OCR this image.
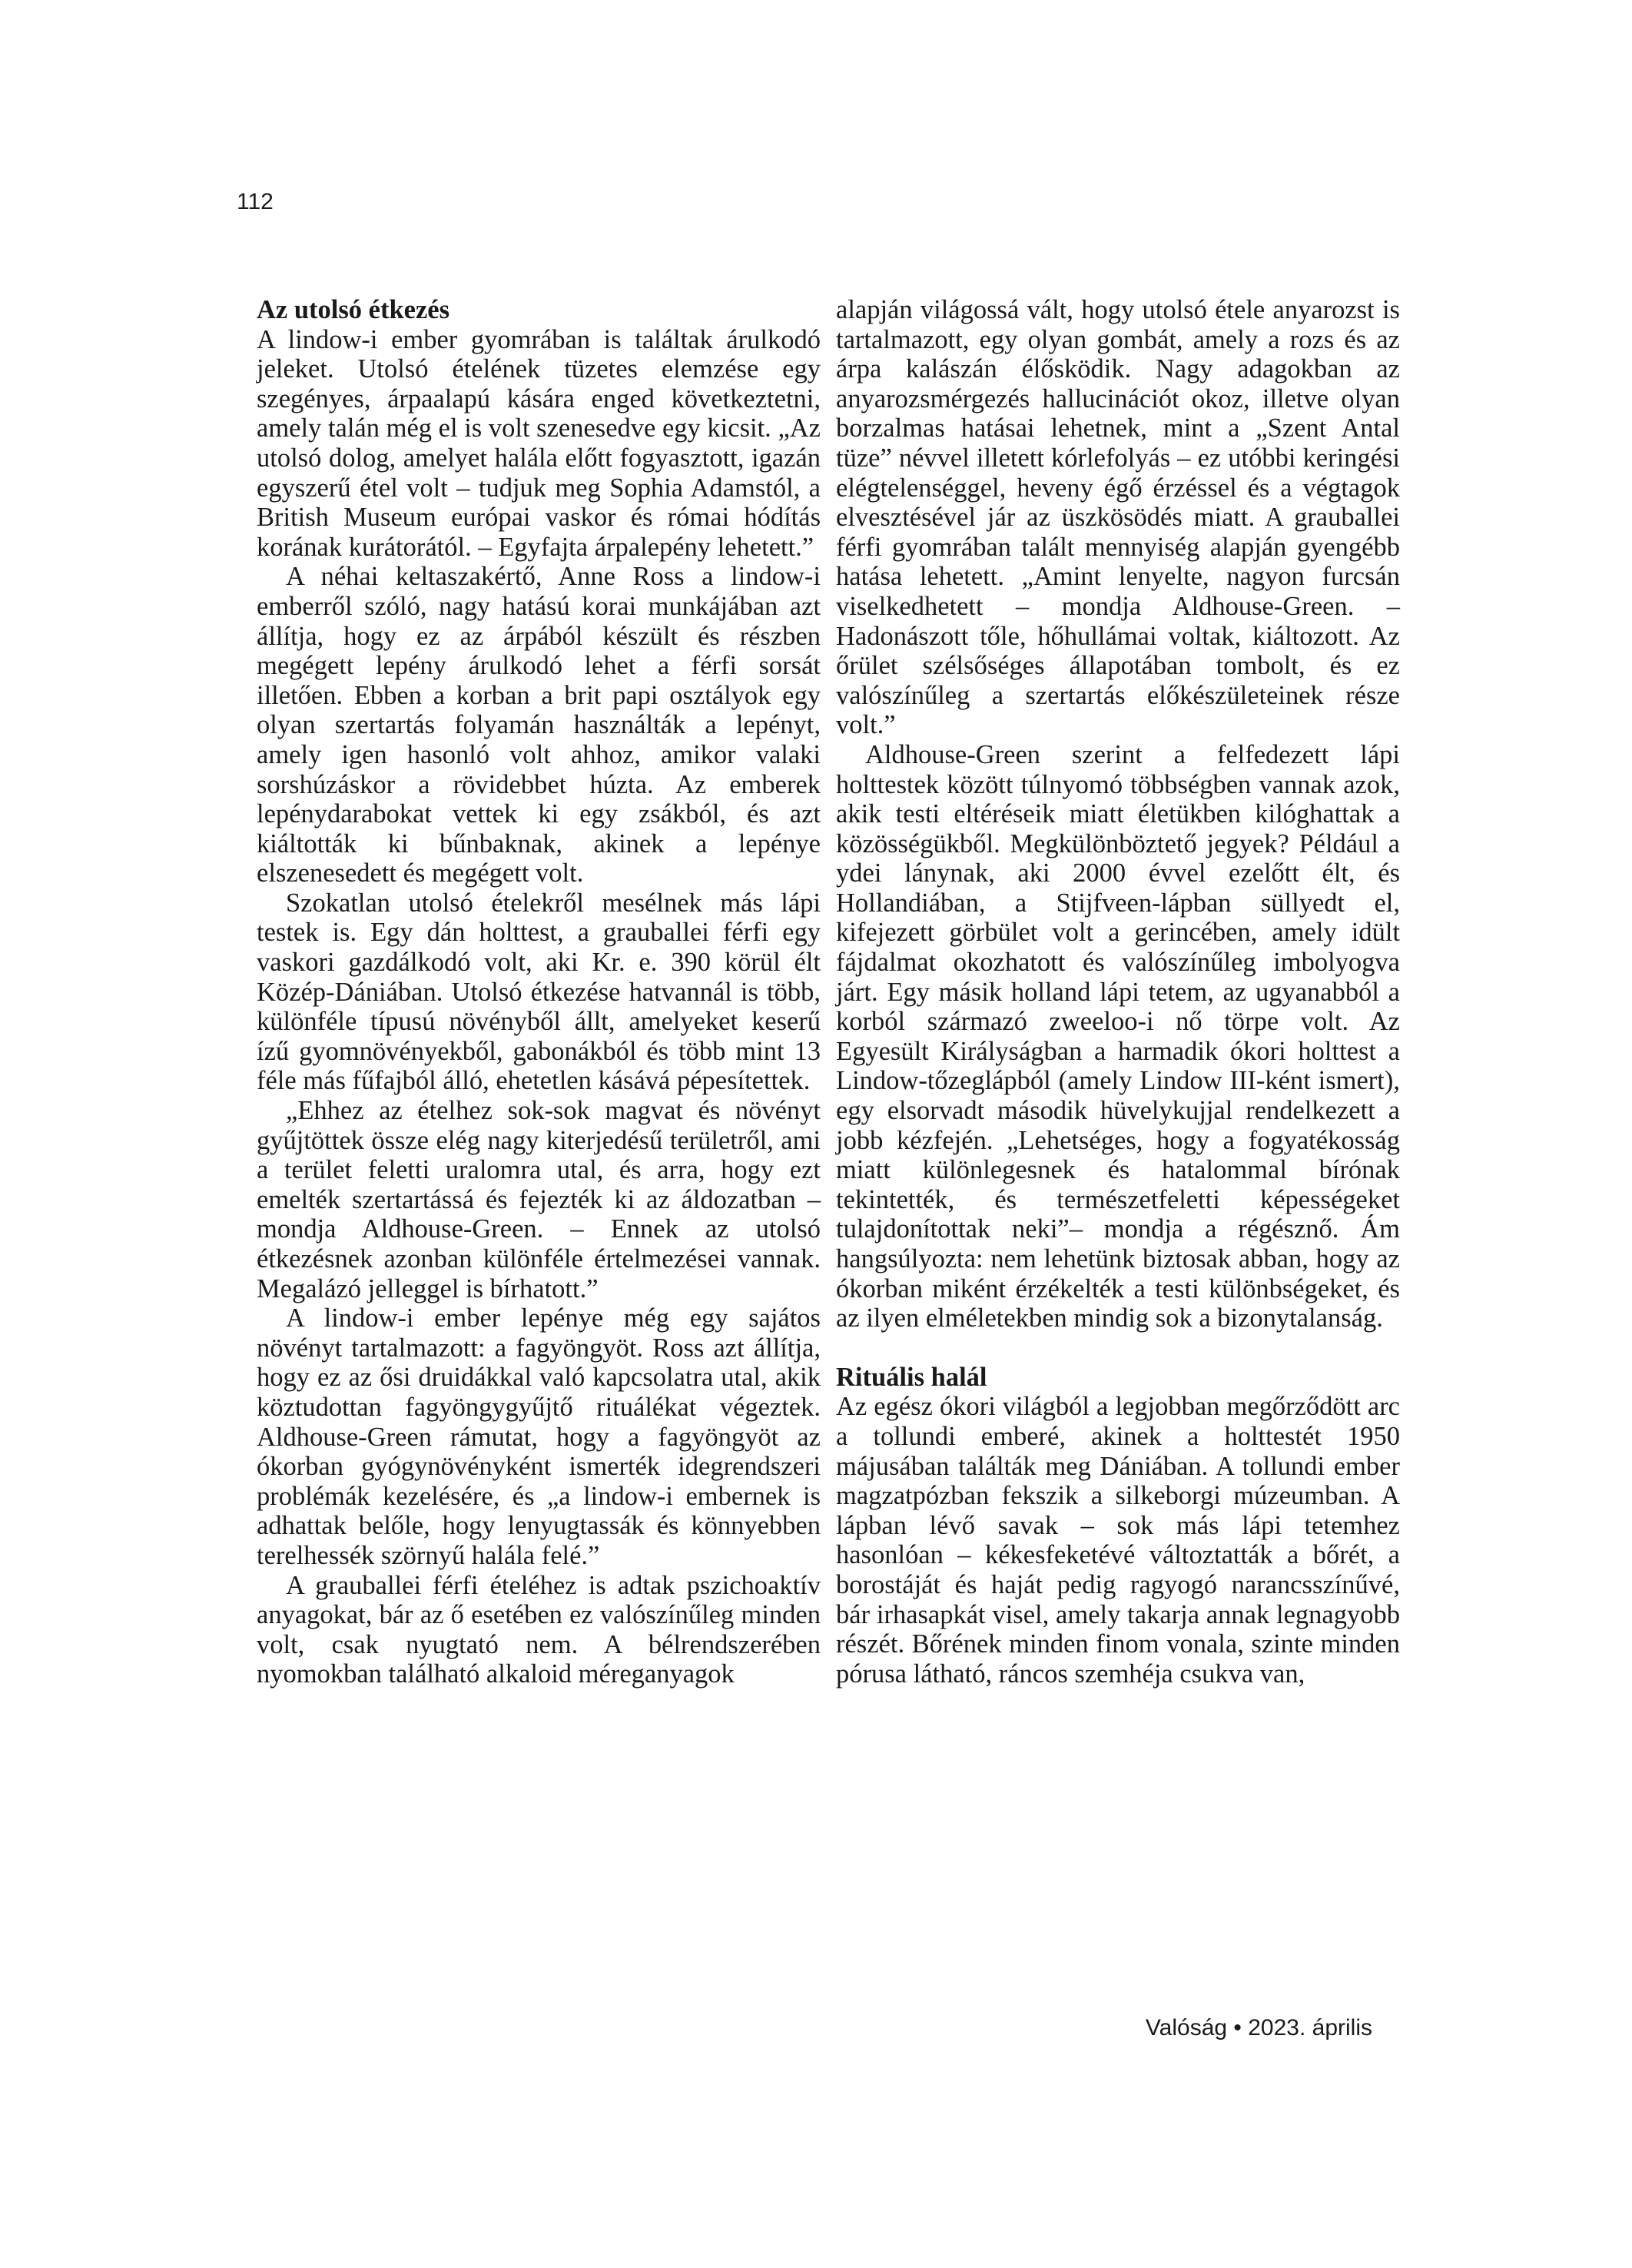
112
Az utolsó étkezés

A lindow-i ember gyomrában is találtak árulkodó jeleket. Utolsó ételének tüzetes elemzése egy szegényes, árpaalapú kására enged következtetni, amely talán még el is volt szenesedve egy kicsit. „Az utolsó dolog, amelyet halála előtt fogyasztott, igazán egyszerű étel volt – tudjuk meg Sophia Adamstól, a British Museum európai vaskor és római hódítás korának kurátorától. – Egyfajta árpalepény lehetett.”

A néhai keltaszakértő, Anne Ross a lindow-i emberről szóló, nagy hatású korai munkájában azt állítja, hogy ez az árpából készült és részben megégett lepény árulkodó lehet a férfi sorsát illetően. Ebben a korban a brit papi osztályok egy olyan szertartás folyamán használták a lepényt, amely igen hasonló volt ahhoz, amikor valaki sorshúzáskor a rövidebbet húzta. Az emberek lepénydarabokat vettek ki egy zsákból, és azt kiáltották ki bűnbaknak, akinek a lepénye elszenesedett és megégett volt.

Szokatlan utolsó ételekről mesélnek más lápi testek is. Egy dán holttest, a grauballei férfi egy vaskori gazdálkodó volt, aki Kr. e. 390 körül élt Közép-Dániában. Utolsó étkezése hatvannál is több, különféle típusú növényből állt, amelyeket keserű ízű gyomnövényekből, gabonákból és több mint 13 féle más fűfajból álló, ehetetlen kásává pépesítettek.

„Ehhez az ételhez sok-sok magvat és növényt gyűjtöttek össze elég nagy kiterjedésű területről, ami a terület feletti uralomra utal, és arra, hogy ezt emelték szertartássá és fejezték ki az áldozatban – mondja Aldhouse-Green. – Ennek az utolsó étkezésnek azonban különféle értelmezései vannak. Megalázó jelleggel is bírhatott.”

A lindow-i ember lepénye még egy sajátos növényt tartalmazott: a fagyöngyöt. Ross azt állítja, hogy ez az ősi druidákkal való kapcsolatra utal, akik köztudottan fagyöngygyűjtő rituálékat végeztek. Aldhouse-Green rámutat, hogy a fagyöngyöt az ókorban gyógynövényként ismerték idegrendszeri problémák kezelésére, és „a lindow-i embernek is adhattak belőle, hogy lenyugtassák és könnyebben terelhessék szörnyű halála felé.”

A grauballei férfi ételéhez is adtak pszichoaktív anyagokat, bár az ő esetében ez valószínűleg minden volt, csak nyugtató nem. A bélrendszerében nyomokban található alkaloid méreganyagok

alapján világossá vált, hogy utolsó étele anyarozst is tartalmazott, egy olyan gombát, amely a rozs és az árpa kalászán élősködik. Nagy adagokban az anyarozsmérgezés hallucinációt okoz, illetve olyan borzalmas hatásai lehetnek, mint a „Szent Antal tüze” névvel illetett kórlefolyás – ez utóbbi keringési elégtelenséggel, heveny égő érzéssel és a végtagok elvesztésével jár az üszkösödés miatt. A grauballei férfi gyomrában talált mennyiség alapján gyengébb hatása lehetett. „Amint lenyelte, nagyon furcsán viselkedhetett – mondja Aldhouse-Green. – Hadonászott tőle, hőhullámai voltak, kiáltozott. Az őrület szélsőséges állapotában tombolt, és ez valószínűleg a szertartás előkészületeinek része volt.”

Aldhouse-Green szerint a felfedezett lápi holttestek között túlnyomó többségben vannak azok, akik testi eltéréseik miatt életükben kilóghattak a közösségükből. Megkülönböztető jegyek? Például a ydei lánynak, aki 2000 évvel ezelőtt élt, és Hollandiában, a Stijfveen-lápban süllyedt el, kifejezett görbület volt a gerincében, amely idült fájdalmat okozhatott és valószínűleg imbolyogva járt. Egy másik holland lápi tetem, az ugyanabból a korból származó zweeloo-i nő törpe volt. Az Egyesült Királyságban a harmadik ókori holttest a Lindow-tőzeglápból (amely Lindow III-ként ismert), egy elsorvadt második hüvelykujjal rendelkezett a jobb kézfején. „Lehetséges, hogy a fogyatékosság miatt különlegesnek és hatalommal bírónak tekintették, és természetfeletti képességeket tulajdonítottak neki”– mondja a régésznő. Ám hangsúlyozta: nem lehetünk biztosak abban, hogy az ókorban miként érzékelték a testi különbségeket, és az ilyen elméletekben mindig sok a bizonytalanság.

Rituális halál

Az egész ókori világból a legjobban megőrződött arc a tollundi emberé, akinek a holttestét 1950 májusában találták meg Dániában. A tollundi ember magzatpózban fekszik a silkeborgi múzeumban. A lápban lévő savak – sok más lápi tetemhez hasonlóan – kékesfeketévé változtatták a bőrét, a borostáját és haját pedig ragyogó narancsszínűvé, bár irhasapkát visel, amely takarja annak legnagyobb részét. Bőrének minden finom vonala, szinte minden pórusa látható, ráncos szemhéja csukva van,

Valóság • 2023. április
